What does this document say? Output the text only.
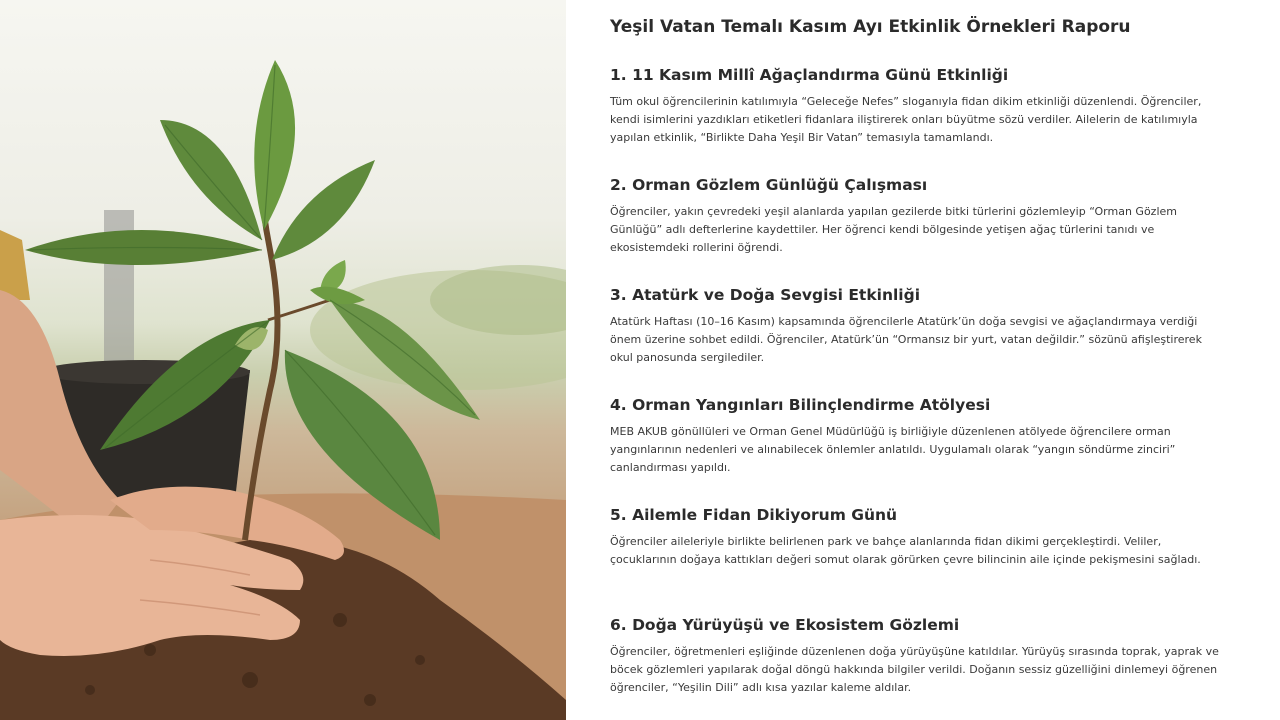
Yeşil Vatan Temalı Kasım Ayı Etkinlik Örnekleri Raporu
1. 11 Kasım Millî Ağaçlandırma Günü Etkinliği

Tüm okul öğrencilerinin katılımıyla “Geleceğe Nefes” sloganıyla fidan dikim etkinliği düzenlendi. Öğrenciler, kendi isimlerini yazdıkları etiketleri fidanlara iliştirerek onları büyütme sözü verdiler. Ailelerin de katılımıyla yapılan etkinlik, “Birlikte Daha Yeşil Bir Vatan” temasıyla tamamlandı.

2. Orman Gözlem Günlüğü Çalışması

Öğrenciler, yakın çevredeki yeşil alanlarda yapılan gezilerde bitki türlerini gözlemleyip “Orman Gözlem Günlüğü” adlı defterlerine kaydettiler. Her öğrenci kendi bölgesinde yetişen ağaç türlerini tanıdı ve ekosistemdeki rollerini öğrendi.

3. Atatürk ve Doğa Sevgisi Etkinliği

Atatürk Haftası (10–16 Kasım) kapsamında öğrencilerle Atatürk’ün doğa sevgisi ve ağaçlandırmaya verdiği önem üzerine sohbet edildi. Öğrenciler, Atatürk’ün “Ormansız bir yurt, vatan değildir.” sözünü afişleştirerek okul panosunda sergilediler.

4. Orman Yangınları Bilinçlendirme Atölyesi

MEB AKUB gönüllüleri ve Orman Genel Müdürlüğü iş birliğiyle düzenlenen atölyede öğrencilere orman yangınlarının nedenleri ve alınabilecek önlemler anlatıldı. Uygulamalı olarak “yangın söndürme zinciri” canlandırması yapıldı.

5. Ailemle Fidan Dikiyorum Günü

Öğrenciler aileleriyle birlikte belirlenen park ve bahçe alanlarında fidan dikimi gerçekleştirdi. Veliler, çocuklarının doğaya kattıkları değeri somut olarak görürken çevre bilincinin aile içinde pekişmesini sağladı.

6. Doğa Yürüyüşü ve Ekosistem Gözlemi

Öğrenciler, öğretmenleri eşliğinde düzenlenen doğa yürüyüşüne katıldılar. Yürüyüş sırasında toprak, yaprak ve böcek gözlemleri yapılarak doğal döngü hakkında bilgiler verildi. Doğanın sessiz güzelliğini dinlemeyi öğrenen öğrenciler, “Yeşilin Dili” adlı kısa yazılar kaleme aldılar.
